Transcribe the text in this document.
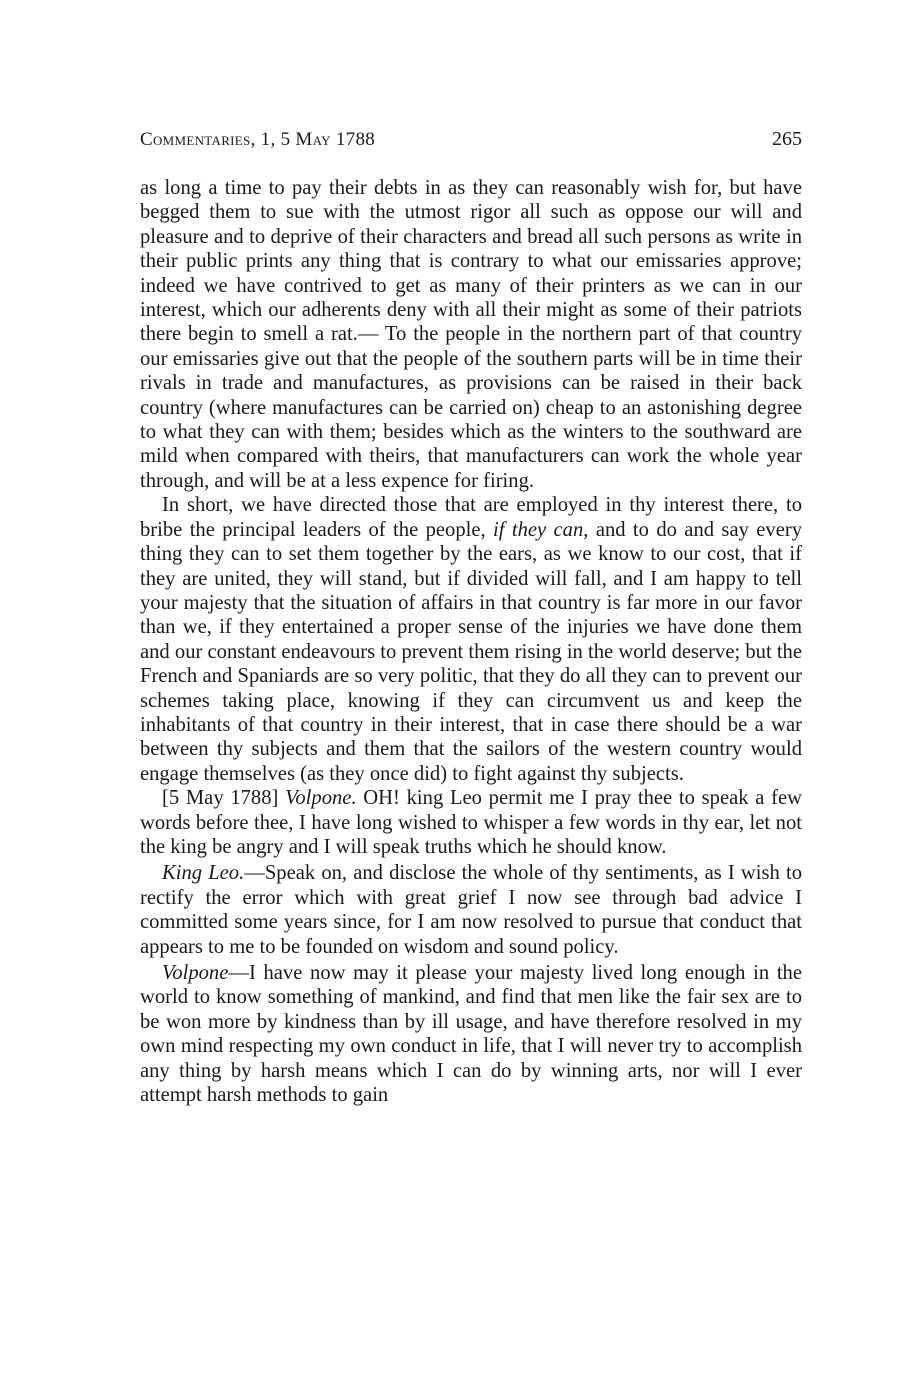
Commentaries, 1, 5 May 1788	265

as long a time to pay their debts in as they can reasonably wish for, but have begged them to sue with the utmost rigor all such as oppose our will and pleasure and to deprive of their characters and bread all such persons as write in their public prints any thing that is contrary to what our emissaries approve; indeed we have contrived to get as many of their printers as we can in our interest, which our adherents deny with all their might as some of their patriots there begin to smell a rat.— To the people in the northern part of that country our emissaries give out that the people of the southern parts will be in time their rivals in trade and manufactures, as provisions can be raised in their back country (where manufactures can be carried on) cheap to an astonishing degree to what they can with them; besides which as the winters to the southward are mild when compared with theirs, that manufacturers can work the whole year through, and will be at a less expence for firing.

In short, we have directed those that are employed in thy interest there, to bribe the principal leaders of the people, if they can, and to do and say every thing they can to set them together by the ears, as we know to our cost, that if they are united, they will stand, but if divided will fall, and I am happy to tell your majesty that the situation of affairs in that country is far more in our favor than we, if they entertained a proper sense of the injuries we have done them and our constant endeavours to prevent them rising in the world deserve; but the French and Spaniards are so very politic, that they do all they can to prevent our schemes taking place, knowing if they can circumvent us and keep the inhabitants of that country in their interest, that in case there should be a war between thy subjects and them that the sailors of the western country would engage themselves (as they once did) to fight against thy subjects.

[5 May 1788] Volpone. OH! king Leo permit me I pray thee to speak a few words before thee, I have long wished to whisper a few words in thy ear, let not the king be angry and I will speak truths which he should know.

King Leo.—Speak on, and disclose the whole of thy sentiments, as I wish to rectify the error which with great grief I now see through bad advice I committed some years since, for I am now resolved to pursue that conduct that appears to me to be founded on wisdom and sound policy.

Volpone—I have now may it please your majesty lived long enough in the world to know something of mankind, and find that men like the fair sex are to be won more by kindness than by ill usage, and have therefore resolved in my own mind respecting my own conduct in life, that I will never try to accomplish any thing by harsh means which I can do by winning arts, nor will I ever attempt harsh methods to gain
